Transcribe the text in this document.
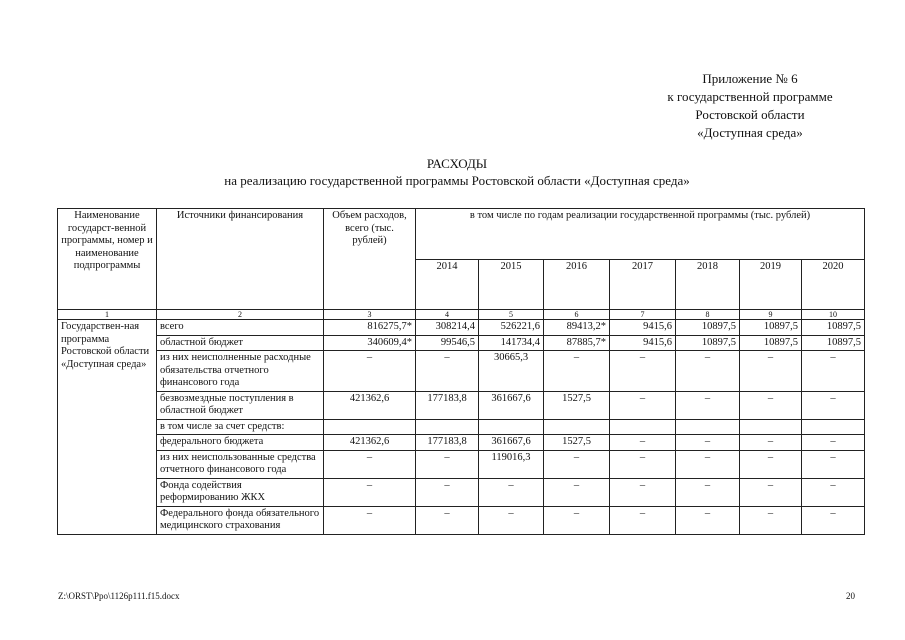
Приложение № 6
к государственной программе
Ростовской области
«Доступная среда»
РАСХОДЫ
на реализацию государственной программы Ростовской области «Доступная среда»
Наименование государст-венной программы, номер и наименование подпрограммы	Источники финансирования	Объем расходов, всего (тыс. рублей)	в том числе по годам реализации государственной программы (тыс. рублей)						
			2014	2015	2016	2017	2018	2019	2020
1	2	3	4	5	6	7	8	9	10
Государствен-ная программа Ростовской области «Доступная среда»	всего	816275,7*	308214,4	526221,6	89413,2*	9415,6	10897,5	10897,5	10897,5
	областной бюджет	340609,4*	99546,5	141734,4	87885,7*	9415,6	10897,5	10897,5	10897,5
	из них неисполненные расходные обязательства отчетного финансового года	–	–	30665,3	–	–	–	–	–
	безвозмездные поступления в областной бюджет	421362,6	177183,8	361667,6	1527,5	–	–	–	–
	в том числе за счет средств:								
	федерального бюджета	421362,6	177183,8	361667,6	1527,5	–	–	–	–
	из них неиспользованные средства отчетного финансового года	–	–	119016,3	–	–	–	–	–
	Фонда содействия реформированию ЖКХ	–	–	–	–	–	–	–	–
	Федерального фонда обязательного медицинского страхования	–	–	–	–	–	–	–	–
Z:\ORST\Ppo\1126p111.f15.docx	20
